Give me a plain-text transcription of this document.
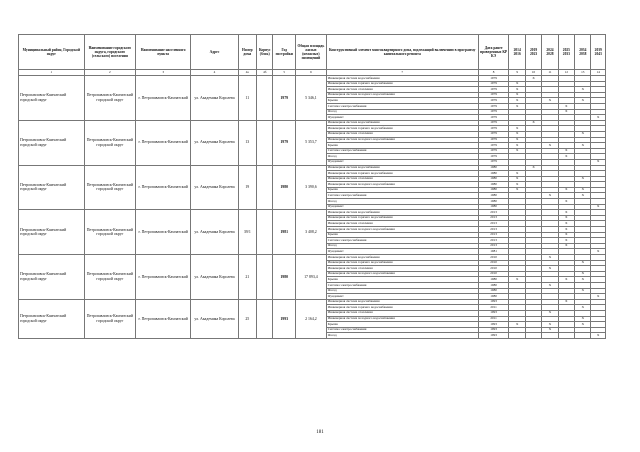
Муниципальный район, Городской округ	Наименование городского округа, городского (сельского) поселения	Наименование населенного пункта	Адрес	Номер дома	Корпус (блок)	Год постройки	Общая площадь жилых (нежилых) помещений	Конструктивный элемент многоквартирного дома, подлежащий включению в программу капитального ремонта	Дата ранее проведенных КР КЭ	2014 2016	2019 2023	2024 2028	2025 2033	2034 2038	2039 2043
1	2	3	4	4а	4б	5	6	7	8	9	10	11	12	13	14
Петропавловск-Камчатский городской округ	Петропавловск-Камчатский городской округ	г. Петропавловск-Камчатский	ул. Академика Королева	11		1979	5 346,1	Инженерная система водоснабжения	1979		X				
								Инженерная система горячего водоснабжения	1979	X					
								Инженерная система отопления	1979	X				X	
								Инженерная система холодного водоснабжения	1979	X					
								Крыша	1979	X		X		X	
								Система электроснабжения	1979	X			X		
								Фасад	1979				X		
								Фундамент	1979						X
Петропавловск-Камчатский городской округ	Петропавловск-Камчатский городской округ	г. Петропавловск-Камчатский	ул. Академика Королева	13		1979	5 353,7	Инженерная система водоснабжения	1979		X				
								Инженерная система горячего водоснабжения	1979	X					
								Инженерная система отопления	1979	X				X	
								Инженерная система холодного водоснабжения	1979	X					
								Крыша	1979	X		X		X	
								Система электроснабжения	1979	X			X		
								Фасад	1979				X		
								Фундамент	1979						X
Петропавловск-Камчатский городской округ	Петропавловск-Камчатский городской округ	г. Петропавловск-Камчатский	ул. Академика Королева	19		1980	3 390,6	Инженерная система водоснабжения	1980		X				
								Инженерная система горячего водоснабжения	1980	X					
								Инженерная система отопления	1980	X				X	
								Инженерная система холодного водоснабжения	1980	X					
								Крыша	1980	X			X	X	
								Система электроснабжения	1980			X		X	
								Фасад	1980				X		
								Фундамент	1980						X
Петропавловск-Камчатский городской округ	Петропавловск-Камчатский городской округ	г. Петропавловск-Камчатский	ул. Академика Королева	39/1		1981	3 408,2	Инженерная система водоснабжения	2013				X		
								Инженерная система горячего водоснабжения	2013				X		
								Инженерная система отопления	2013				X		
								Инженерная система холодного водоснабжения	2013				X		
								Крыша	2013				X		
								Система электроснабжения	2013				X		
								Фасад	2013				X		
								Фундамент	1981						X
Петропавловск-Камчатский городской округ	Петропавловск-Камчатский городской округ	г. Петропавловск-Камчатский	ул. Академика Королева	21		1980	17 893,4	Инженерная система водоснабжения	2010			X			
								Инженерная система горячего водоснабжения	2010					X	
								Инженерная система отопления	2010			X			
								Инженерная система холодного водоснабжения	2010					X	
								Крыша	1980	X			X	X	
								Система электроснабжения	1980			X			
								Фасад	1980					X	
								Фундамент	1980						X
Петропавловск-Камчатский городской округ	Петропавловск-Камчатский городской округ	г. Петропавловск-Камчатский	ул. Академика Королева	25		1993	2 164,2	Инженерная система водоснабжения	1993				X		
								Инженерная система горячего водоснабжения	2011					X	
								Инженерная система отопления	1993			X			
								Инженерная система холодного водоснабжения	2011					X	
								Крыша	1993	X		X		X	
								Система электроснабжения	1993			X			
								Фасад	1993						X
181
